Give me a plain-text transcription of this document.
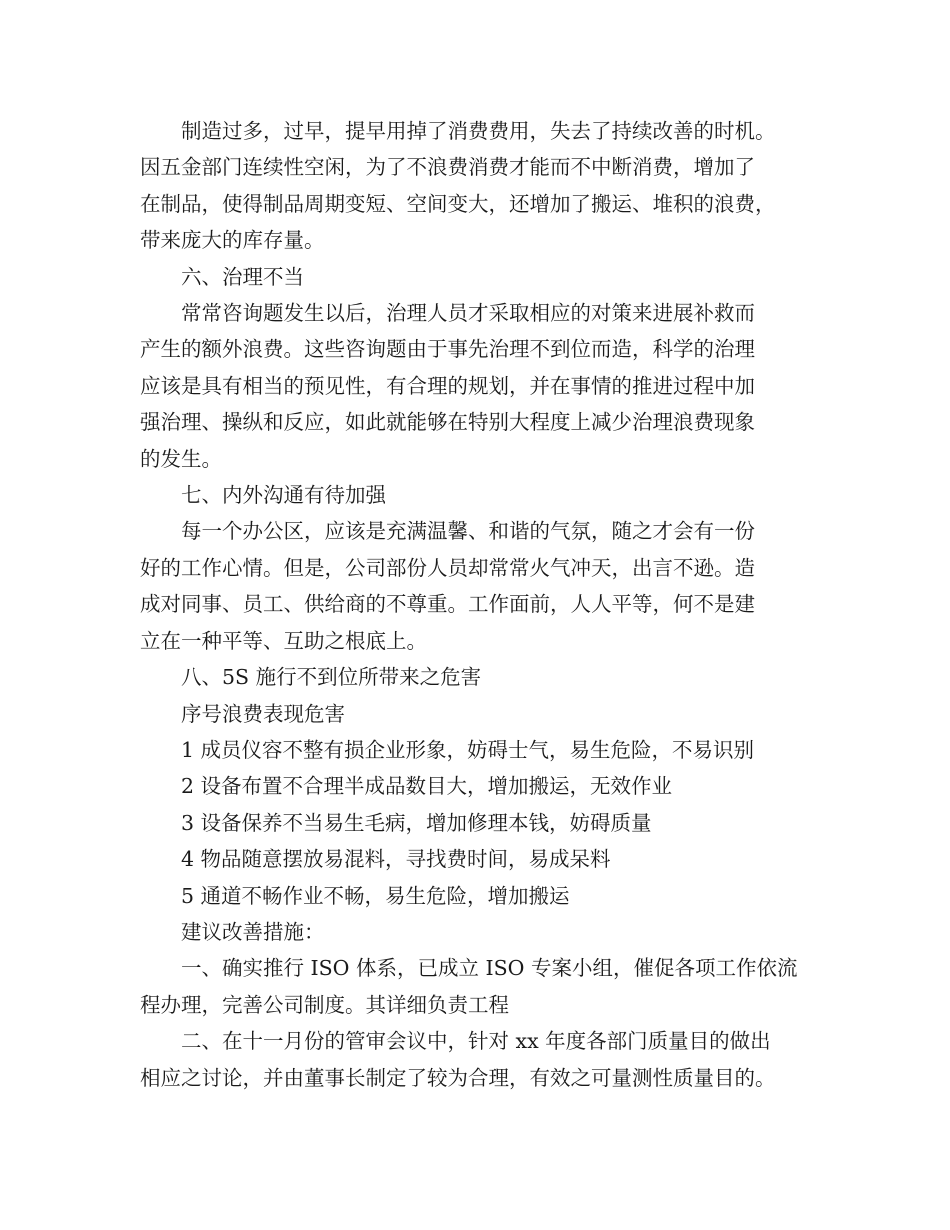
制造过多，过早，提早用掉了消费费用，失去了持续改善的时机。
因五金部门连续性空闲，为了不浪费消费才能而不中断消费，增加了
在制品，使得制品周期变短、空间变大，还增加了搬运、堆积的浪费，
带来庞大的库存量。
六、治理不当
常常咨询题发生以后，治理人员才采取相应的对策来进展补救而
产生的额外浪费。这些咨询题由于事先治理不到位而造，科学的治理
应该是具有相当的预见性，有合理的规划，并在事情的推进过程中加
强治理、操纵和反应，如此就能够在特别大程度上减少治理浪费现象
的发生。
七、内外沟通有待加强
每一个办公区，应该是充满温馨、和谐的气氛，随之才会有一份
好的工作心情。但是，公司部份人员却常常火气冲天，出言不逊。造
成对同事、员工、供给商的不尊重。工作面前，人人平等，何不是建
立在一种平等、互助之根底上。
八、5S 施行不到位所带来之危害
序号浪费表现危害
1 成员仪容不整有损企业形象，妨碍士气，易生危险，不易识别
2 设备布置不合理半成品数目大，增加搬运，无效作业
3 设备保养不当易生毛病，增加修理本钱，妨碍质量
4 物品随意摆放易混料，寻找费时间，易成呆料
5 通道不畅作业不畅，易生危险，增加搬运
建议改善措施：
一、确实推行 ISO 体系，已成立 ISO 专案小组，催促各项工作依流
程办理，完善公司制度。其详细负责工程
二、在十一月份的管审会议中，针对 xx 年度各部门质量目的做出
相应之讨论，并由董事长制定了较为合理，有效之可量测性质量目的。
